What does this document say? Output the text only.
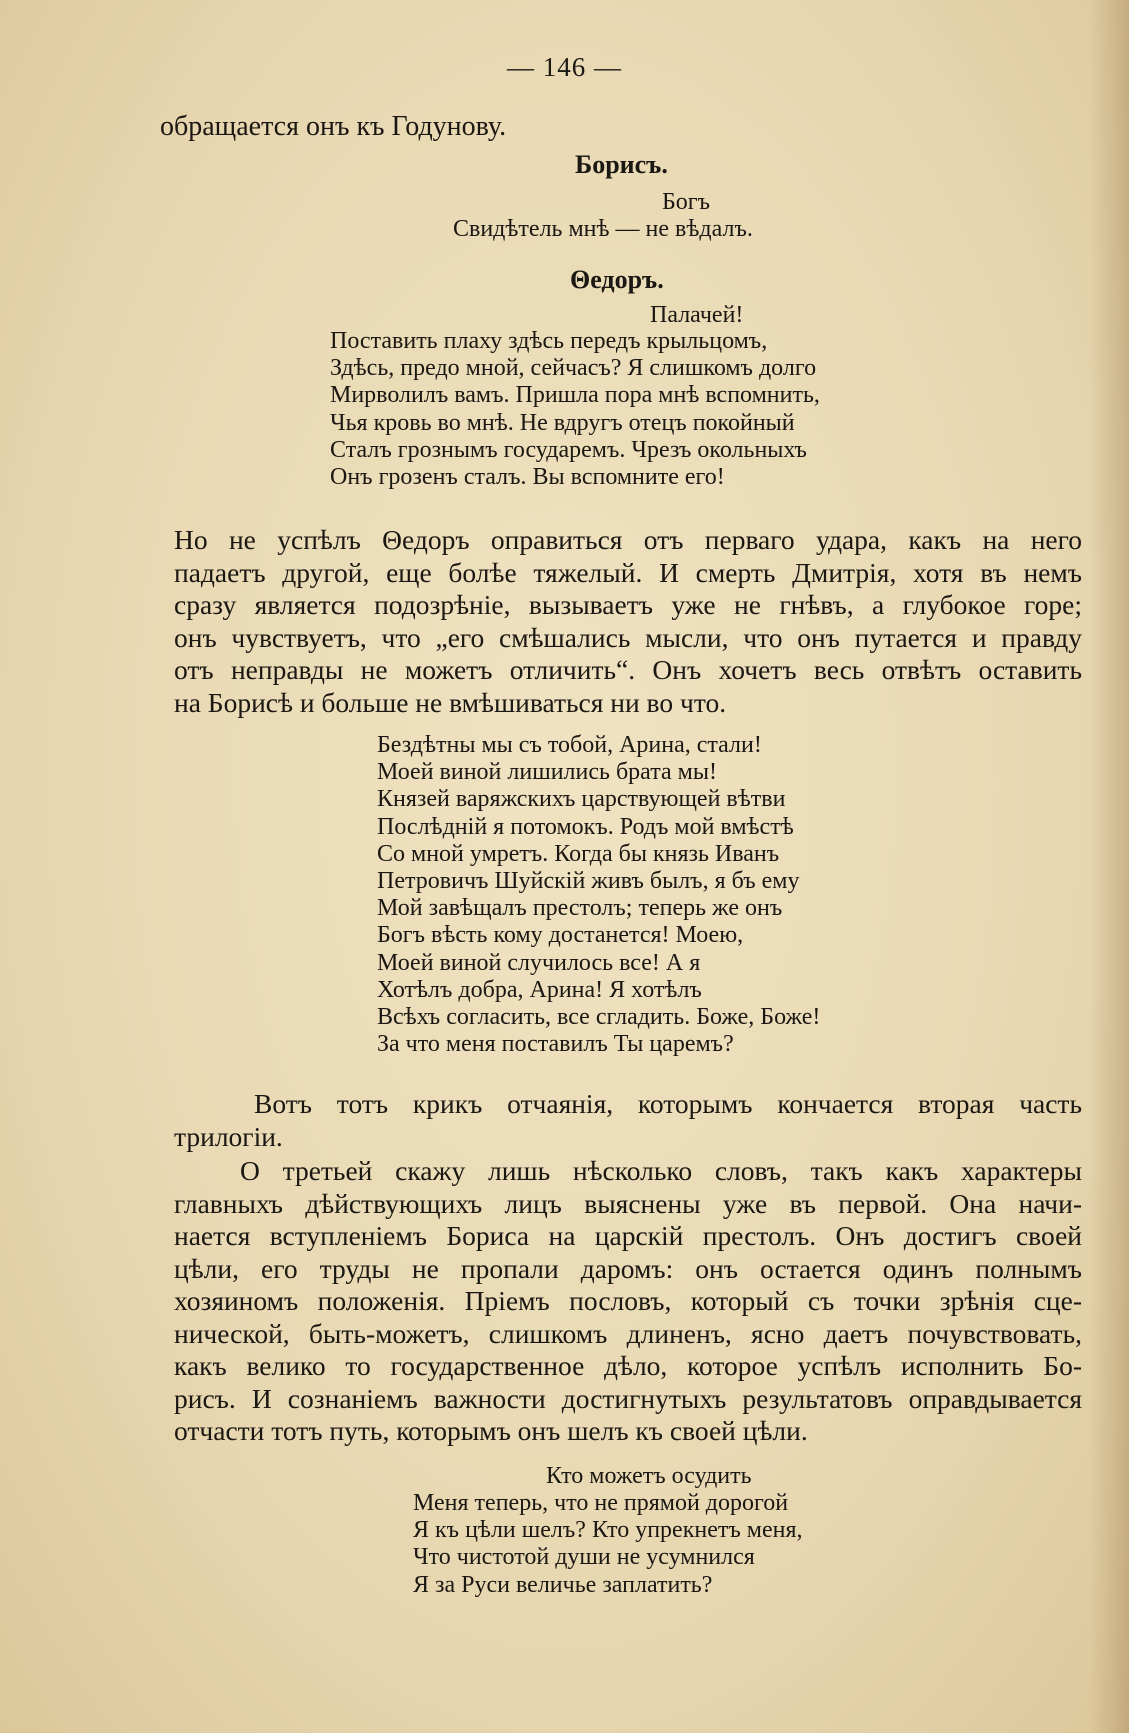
— 146 —
обращается онъ къ Годунову.
Борисъ.
Богъ
Свидѣтель мнѣ — не вѣдалъ.
Θедоръ.
Палачей!
Поставить плаху здѣсь передъ крыльцомъ,
Здѣсь, предо мной, сейчасъ? Я слишкомъ долго
Мирволилъ вамъ. Пришла пора мнѣ вспомнить,
Чья кровь во мнѣ. Не вдругъ отецъ покойный
Сталъ грознымъ государемъ. Чрезъ окольныхъ
Онъ грозенъ сталъ. Вы вспомните его!
Но не успѣлъ Θедоръ оправиться отъ перваго удара, какъ на него
падаетъ другой, еще болѣе тяжелый. И смерть Дмитрія, хотя въ немъ
сразу является подозрѣніе, вызываетъ уже не гнѣвъ, а глубокое горе;
онъ чувствуетъ, что „его смѣшались мысли, что онъ путается и правду
отъ неправды не можетъ отличить“. Онъ хочетъ весь отвѣтъ оставить
на Борисѣ и больше не вмѣшиваться ни во что.
Бездѣтны мы съ тобой, Арина, стали!
Моей виной лишились брата мы!
Князей варяжскихъ царствующей вѣтви
Послѣдній я потомокъ. Родъ мой вмѣстѣ
Со мной умретъ. Когда бы князь Иванъ
Петровичъ Шуйскій живъ былъ, я бъ ему
Мой завѣщалъ престолъ; теперь же онъ
Богъ вѣсть кому достанется! Моею,
Моей виной случилось все! А я
Хотѣлъ добра, Арина! Я хотѣлъ
Всѣхъ согласить, все сгладить. Боже, Боже!
За что меня поставилъ Ты царемъ?
Вотъ тотъ крикъ отчаянія, которымъ кончается вторая часть
трилогіи.
О третьей скажу лишь нѣсколько словъ, такъ какъ характеры
главныхъ дѣйствующихъ лицъ выяснены уже въ первой. Она начи-
нается вступленіемъ Бориса на царскій престолъ. Онъ достигъ своей
цѣли, его труды не пропали даромъ: онъ остается одинъ полнымъ
хозяиномъ положенія. Пріемъ пословъ, который съ точки зрѣнія сце-
нической, быть-можетъ, слишкомъ длиненъ, ясно даетъ почувствовать,
какъ велико то государственное дѣло, которое успѣлъ исполнить Бо-
рисъ. И сознаніемъ важности достигнутыхъ результатовъ оправдывается
отчасти тотъ путь, которымъ онъ шелъ къ своей цѣли.
Кто можетъ осудить
Меня теперь, что не прямой дорогой
Я къ цѣли шелъ? Кто упрекнетъ меня,
Что чистотой души не усумнился
Я за Руси величье заплатить?
